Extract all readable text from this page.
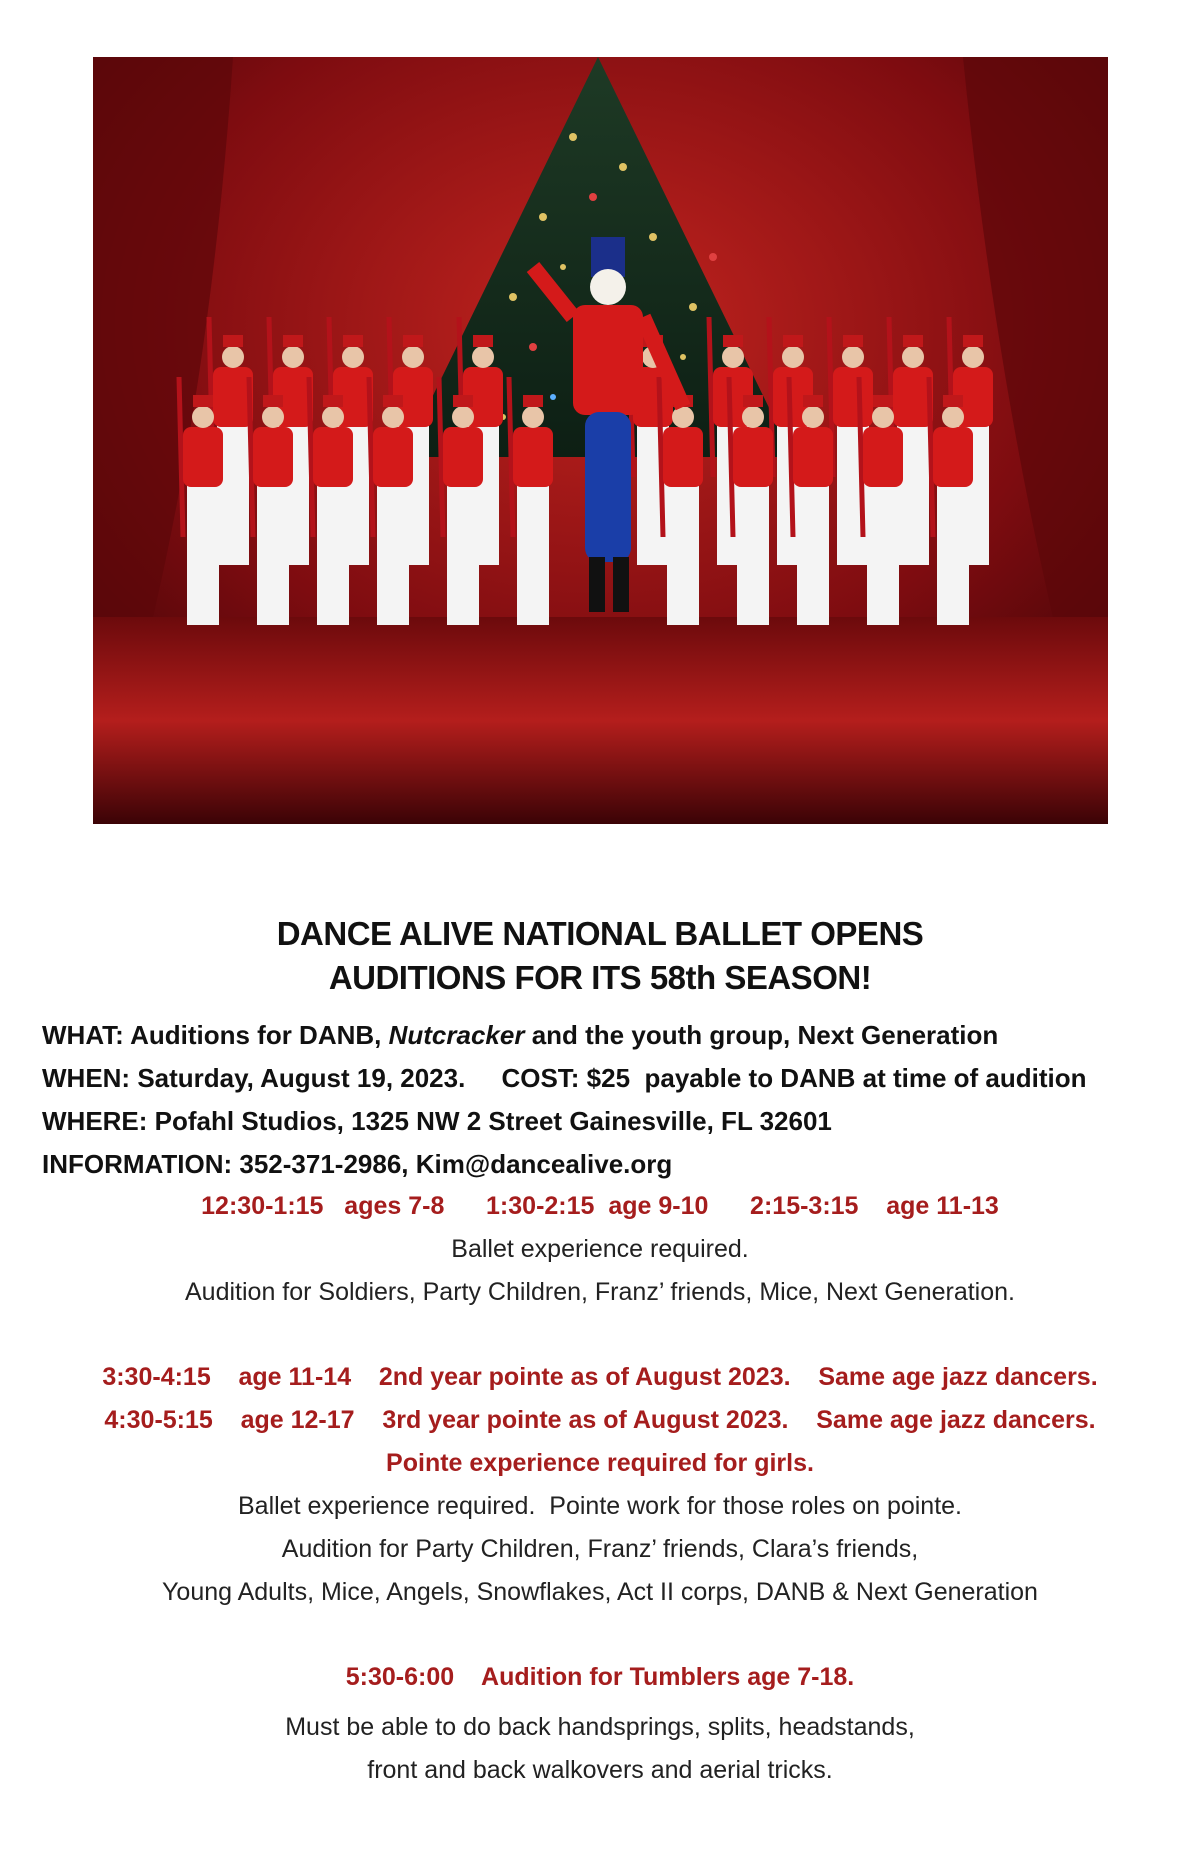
DANCE ALIVE NATIONAL BALLET OPENS
AUDITIONS FOR ITS 58th SEASON!
WHAT: Auditions for DANB, Nutcracker and the youth group, Next Generation
WHEN: Saturday, August 19, 2023.     COST: $25  payable to DANB at time of audition
WHERE: Pofahl Studios, 1325 NW 2 Street Gainesville, FL 32601
INFORMATION: 352-371-2986, Kim@dancealive.org
12:30-1:15   ages 7-8      1:30-2:15  age 9-10      2:15-3:15    age 11-13
Ballet experience required.
Audition for Soldiers, Party Children, Franz’ friends, Mice, Next Generation.
3:30-4:15    age 11-14    2nd year pointe as of August 2023.    Same age jazz dancers.
4:30-5:15    age 12-17    3rd year pointe as of August 2023.    Same age jazz dancers.
Pointe experience required for girls.
Ballet experience required.  Pointe work for those roles on pointe.
Audition for Party Children, Franz’ friends, Clara’s friends,
Young Adults, Mice, Angels, Snowflakes, Act II corps, DANB & Next Generation
5:30-6:00    Audition for Tumblers age 7-18.
Must be able to do back handsprings, splits, headstands,
front and back walkovers and aerial tricks.
